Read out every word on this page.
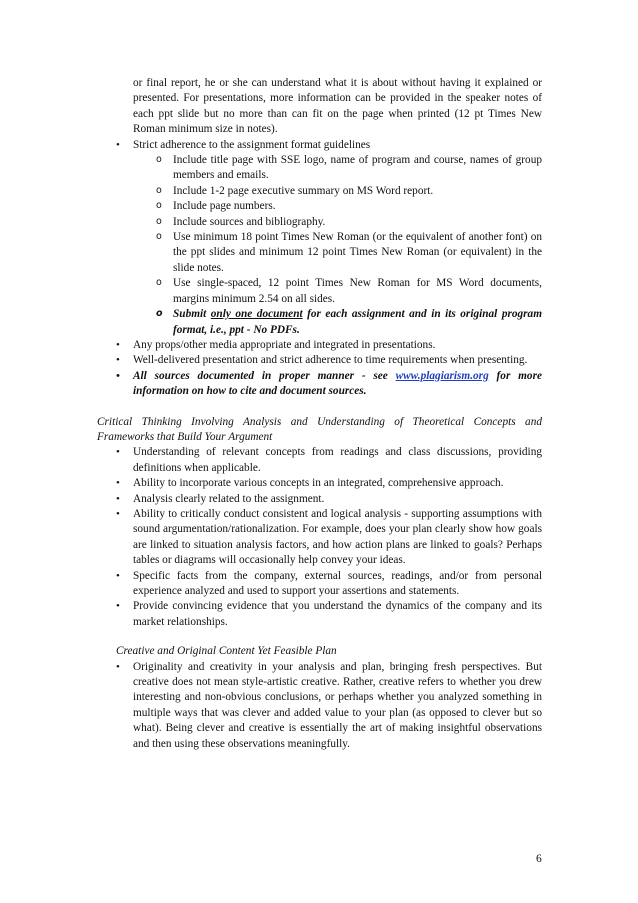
or final report, he or she can understand what it is about without having it explained or presented. For presentations, more information can be provided in the speaker notes of each ppt slide but no more than can fit on the page when printed (12 pt Times New Roman minimum size in notes).
• Strict adherence to the assignment format guidelines
o Include title page with SSE logo, name of program and course, names of group members and emails.
o Include 1-2 page executive summary on MS Word report.
o Include page numbers.
o Include sources and bibliography.
o Use minimum 18 point Times New Roman (or the equivalent of another font) on the ppt slides and minimum 12 point Times New Roman (or equivalent) in the slide notes.
o Use single-spaced, 12 point Times New Roman for MS Word documents, margins minimum 2.54 on all sides.
o Submit only one document for each assignment and in its original program format, i.e., ppt - No PDFs.
• Any props/other media appropriate and integrated in presentations.
• Well-delivered presentation and strict adherence to time requirements when presenting.
• All sources documented in proper manner - see www.plagiarism.org for more information on how to cite and document sources.
Critical Thinking Involving Analysis and Understanding of Theoretical Concepts and Frameworks that Build Your Argument
• Understanding of relevant concepts from readings and class discussions, providing definitions when applicable.
• Ability to incorporate various concepts in an integrated, comprehensive approach.
• Analysis clearly related to the assignment.
• Ability to critically conduct consistent and logical analysis - supporting assumptions with sound argumentation/rationalization. For example, does your plan clearly show how goals are linked to situation analysis factors, and how action plans are linked to goals? Perhaps tables or diagrams will occasionally help convey your ideas.
• Specific facts from the company, external sources, readings, and/or from personal experience analyzed and used to support your assertions and statements.
• Provide convincing evidence that you understand the dynamics of the company and its market relationships.
Creative and Original Content Yet Feasible Plan
• Originality and creativity in your analysis and plan, bringing fresh perspectives. But creative does not mean style-artistic creative. Rather, creative refers to whether you drew interesting and non-obvious conclusions, or perhaps whether you analyzed something in multiple ways that was clever and added value to your plan (as opposed to clever but so what). Being clever and creative is essentially the art of making insightful observations and then using these observations meaningfully.
6
